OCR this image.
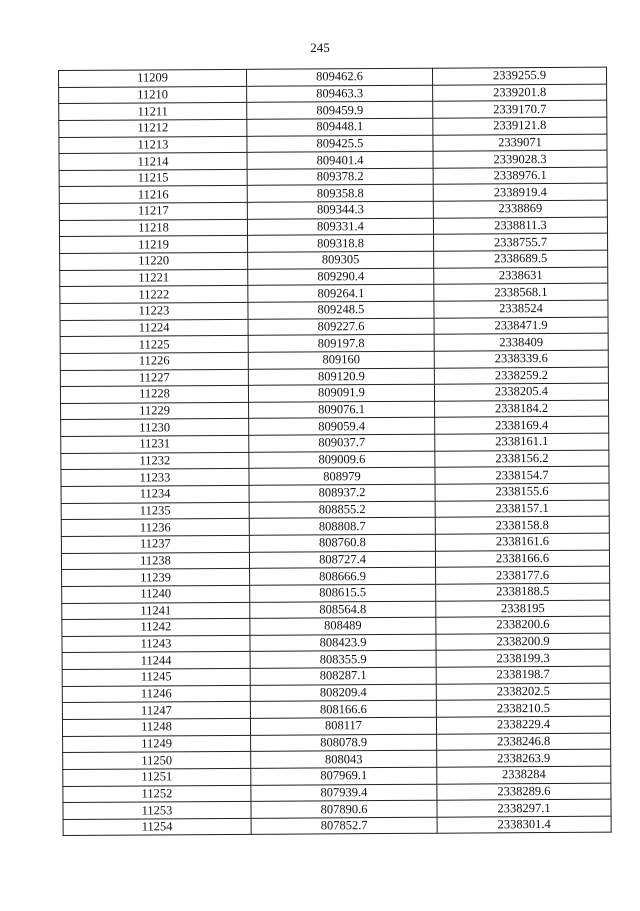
245
11209	809462.6	2339255.9
11210	809463.3	2339201.8
11211	809459.9	2339170.7
11212	809448.1	2339121.8
11213	809425.5	2339071
11214	809401.4	2339028.3
11215	809378.2	2338976.1
11216	809358.8	2338919.4
11217	809344.3	2338869
11218	809331.4	2338811.3
11219	809318.8	2338755.7
11220	809305	2338689.5
11221	809290.4	2338631
11222	809264.1	2338568.1
11223	809248.5	2338524
11224	809227.6	2338471.9
11225	809197.8	2338409
11226	809160	2338339.6
11227	809120.9	2338259.2
11228	809091.9	2338205.4
11229	809076.1	2338184.2
11230	809059.4	2338169.4
11231	809037.7	2338161.1
11232	809009.6	2338156.2
11233	808979	2338154.7
11234	808937.2	2338155.6
11235	808855.2	2338157.1
11236	808808.7	2338158.8
11237	808760.8	2338161.6
11238	808727.4	2338166.6
11239	808666.9	2338177.6
11240	808615.5	2338188.5
11241	808564.8	2338195
11242	808489	2338200.6
11243	808423.9	2338200.9
11244	808355.9	2338199.3
11245	808287.1	2338198.7
11246	808209.4	2338202.5
11247	808166.6	2338210.5
11248	808117	2338229.4
11249	808078.9	2338246.8
11250	808043	2338263.9
11251	807969.1	2338284
11252	807939.4	2338289.6
11253	807890.6	2338297.1
11254	807852.7	2338301.4
